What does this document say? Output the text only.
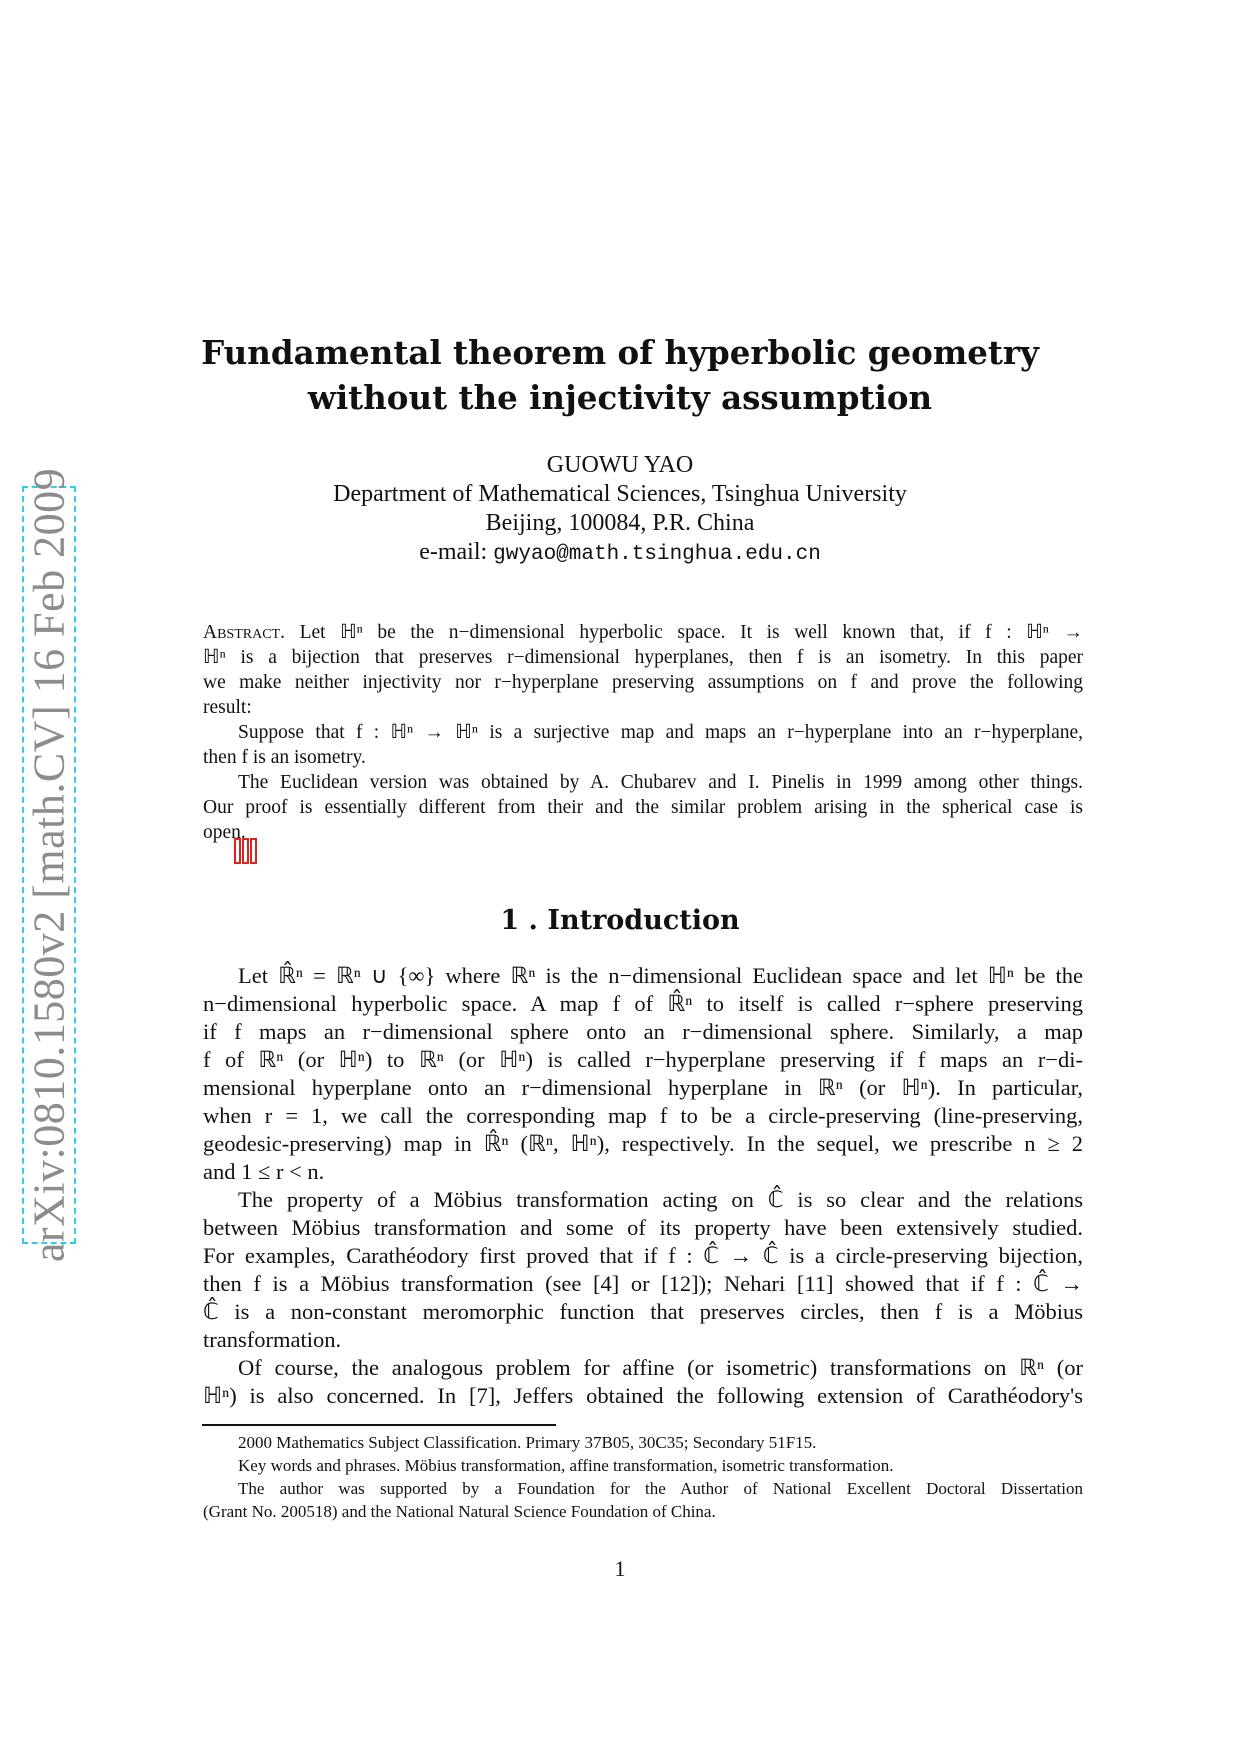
arXiv:0810.1580v2 [math.CV] 16 Feb 2009
Fundamental theorem of hyperbolic geometry
without the injectivity assumption
GUOWU YAO
Department of Mathematical Sciences, Tsinghua University
Beijing, 100084, P.R. China
e-mail: gwyao@math.tsinghua.edu.cn
Abstract. Let ℍⁿ be the n−dimensional hyperbolic space. It is well known that, if f : ℍⁿ →
ℍⁿ is a bijection that preserves r−dimensional hyperplanes, then f is an isometry. In this paper
we make neither injectivity nor r−hyperplane preserving assumptions on f and prove the following
result:
Suppose that f : ℍⁿ → ℍⁿ is a surjective map and maps an r−hyperplane into an r−hyperplane,
then f is an isometry.
The Euclidean version was obtained by A. Chubarev and I. Pinelis in 1999 among other things.
Our proof is essentially different from their and the similar problem arising in the spherical case is
open.
1 . Introduction
Let ℝ̂ⁿ = ℝⁿ ∪ {∞} where ℝⁿ is the n−dimensional Euclidean space and let ℍⁿ be the
n−dimensional hyperbolic space. A map f of ℝ̂ⁿ to itself is called r−sphere preserving
if f maps an r−dimensional sphere onto an r−dimensional sphere. Similarly, a map
f of ℝⁿ (or ℍⁿ) to ℝⁿ (or ℍⁿ) is called r−hyperplane preserving if f maps an r−di-
mensional hyperplane onto an r−dimensional hyperplane in ℝⁿ (or ℍⁿ). In particular,
when r = 1, we call the corresponding map f to be a circle-preserving (line-preserving,
geodesic-preserving) map in ℝ̂ⁿ (ℝⁿ, ℍⁿ), respectively. In the sequel, we prescribe n ≥ 2
and 1 ≤ r < n.
The property of a Möbius transformation acting on ℂ̂ is so clear and the relations
between Möbius transformation and some of its property have been extensively studied.
For examples, Carathéodory first proved that if f : ℂ̂ → ℂ̂ is a circle-preserving bijection,
then f is a Möbius transformation (see [4] or [12]); Nehari [11] showed that if f : ℂ̂ →
ℂ̂ is a non-constant meromorphic function that preserves circles, then f is a Möbius
transformation.
Of course, the analogous problem for affine (or isometric) transformations on ℝⁿ (or
ℍⁿ) is also concerned. In [7], Jeffers obtained the following extension of Carathéodory's
2000 Mathematics Subject Classification. Primary 37B05, 30C35; Secondary 51F15.
Key words and phrases. Möbius transformation, affine transformation, isometric transformation.
The author was supported by a Foundation for the Author of National Excellent Doctoral Dissertation
(Grant No. 200518) and the National Natural Science Foundation of China.
1
